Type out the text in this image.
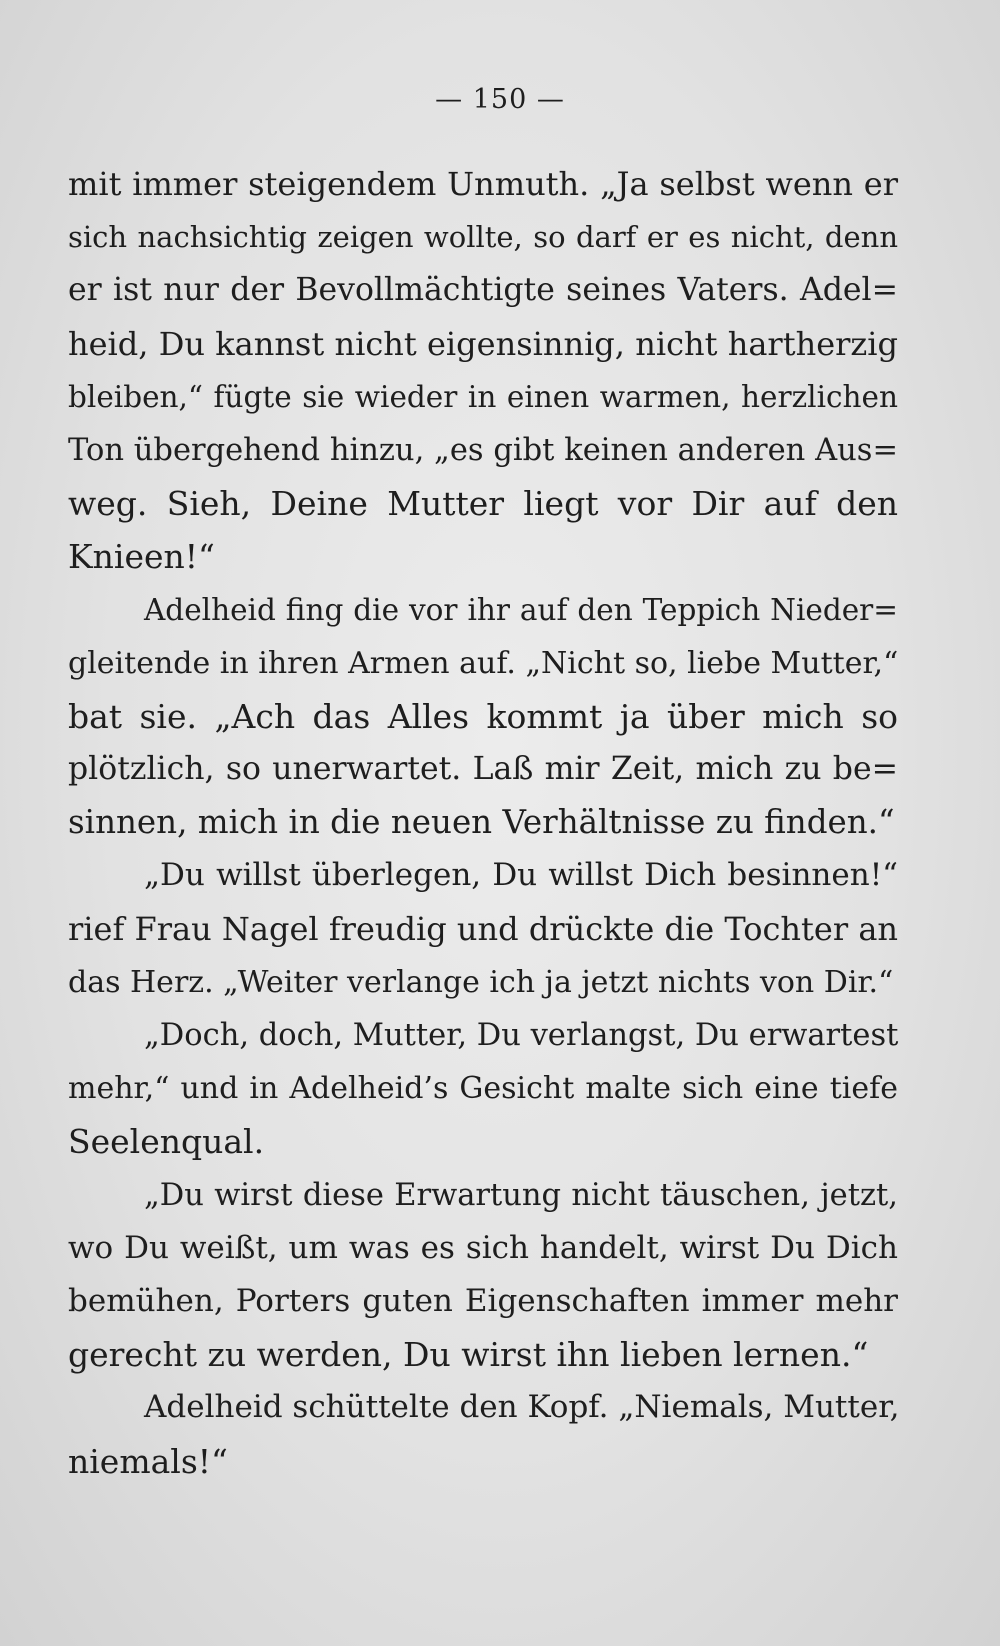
— 150 —
mit immer steigendem Unmuth. „Ja selbst wenn er
sich nachsichtig zeigen wollte, so darf er es nicht, denn
er ist nur der Bevollmächtigte seines Vaters. Adel=
heid, Du kannst nicht eigensinnig, nicht hartherzig
bleiben,“ fügte sie wieder in einen warmen, herzlichen
Ton übergehend hinzu, „es gibt keinen anderen Aus=
weg. Sieh, Deine Mutter liegt vor Dir auf den
Knieen!“
Adelheid fing die vor ihr auf den Teppich Nieder=
gleitende in ihren Armen auf. „Nicht so, liebe Mutter,“
bat sie. „Ach das Alles kommt ja über mich so
plötzlich, so unerwartet. Laß mir Zeit, mich zu be=
sinnen, mich in die neuen Verhältnisse zu finden.“
„Du willst überlegen, Du willst Dich besinnen!“
rief Frau Nagel freudig und drückte die Tochter an
das Herz. „Weiter verlange ich ja jetzt nichts von Dir.“
„Doch, doch, Mutter, Du verlangst, Du erwartest
mehr,“ und in Adelheid’s Gesicht malte sich eine tiefe
Seelenqual.
„Du wirst diese Erwartung nicht täuschen, jetzt,
wo Du weißt, um was es sich handelt, wirst Du Dich
bemühen, Porters guten Eigenschaften immer mehr
gerecht zu werden, Du wirst ihn lieben lernen.“
Adelheid schüttelte den Kopf. „Niemals, Mutter,
niemals!“
